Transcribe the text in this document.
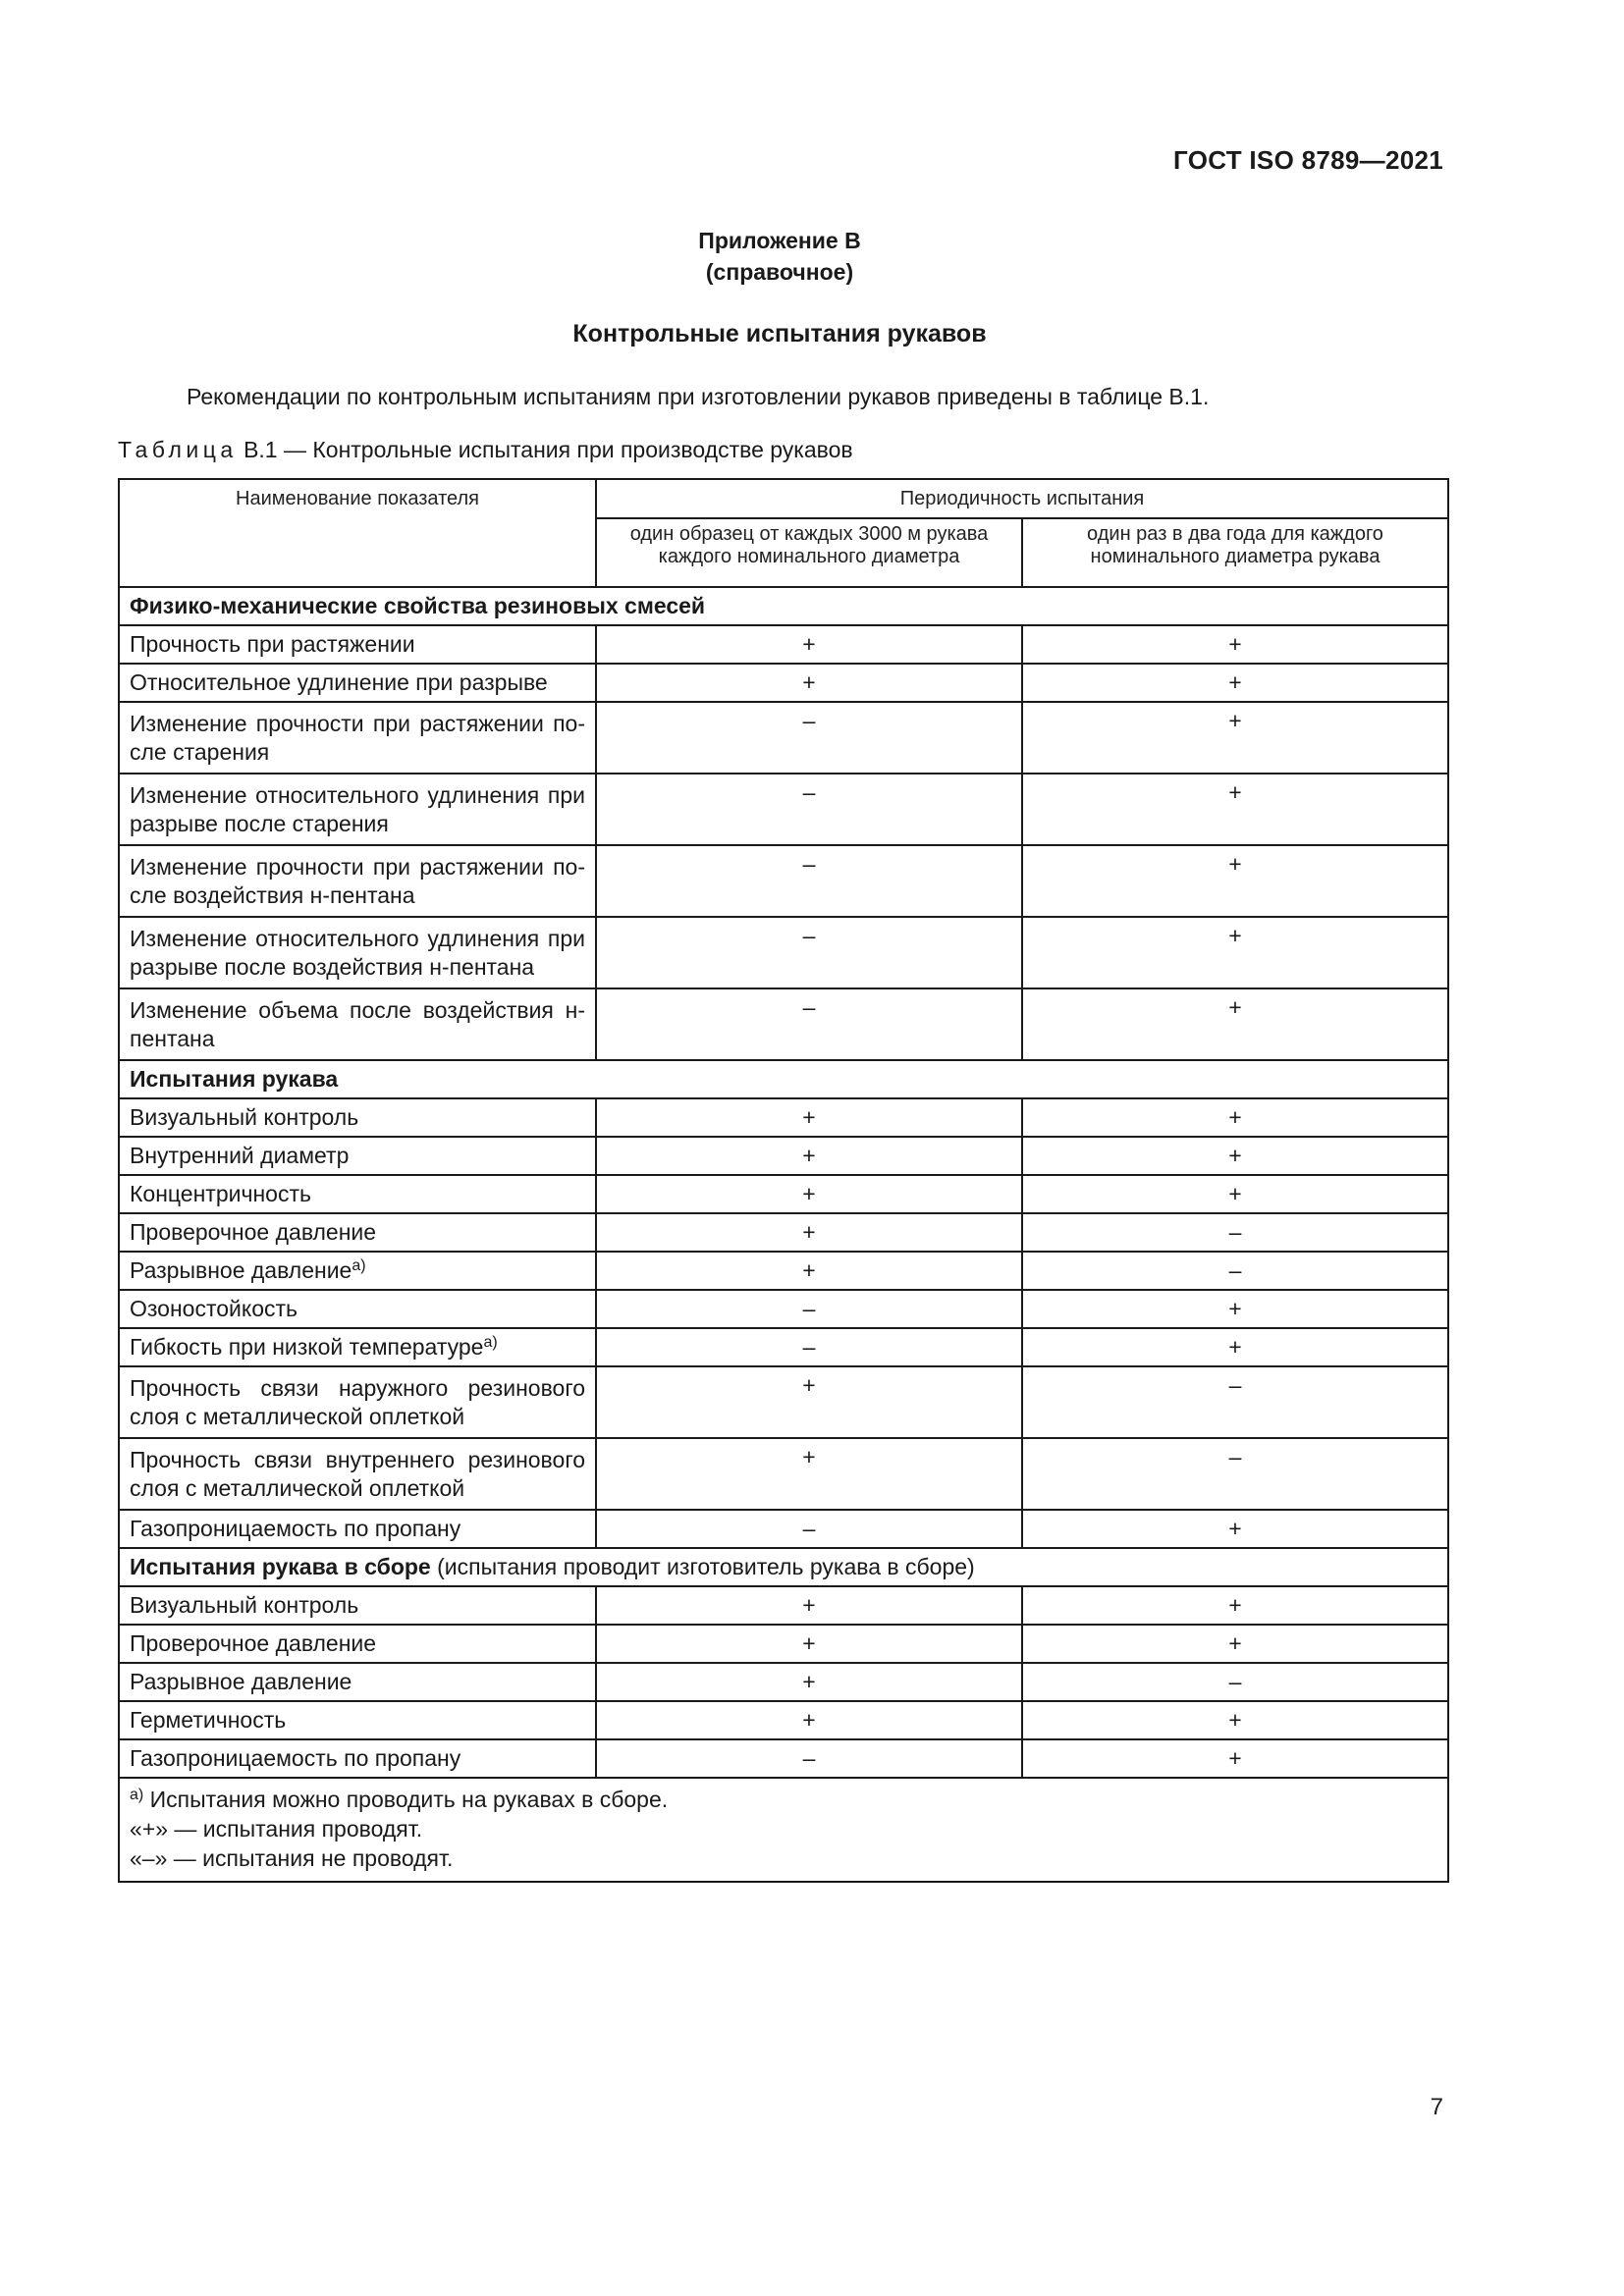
ГОСТ ISO 8789—2021
Приложение В
(справочное)
Контрольные испытания рукавов
Рекомендации по контрольным испытаниям при изготовлении рукавов приведены в таблице В.1.
Таблица В.1 — Контрольные испытания при производстве рукавов
Наименование показателя	Периодичность испытания	
	один образец от каждых 3000 м рукава каждого номинального диаметра	один раз в два года для каждого номинального диаметра рукава
Физико-механические свойства резиновых смесей		
Прочность при растяжении	+	+
Относительное удлинение при разрыве	+	+
Изменение прочности при растяжении по-сле старения	–	+
Изменение относительного удлинения при разрыве после старения	–	+
Изменение прочности при растяжении по-сле воздействия н-пентана	–	+
Изменение относительного удлинения при разрыве после воздействия н-пентана	–	+
Изменение объема после воздействия н-пентана	–	+
Испытания рукава		
Визуальный контроль	+	+
Внутренний диаметр	+	+
Концентричность	+	+
Проверочное давление	+	–
Разрывное давление$^{а)}$	+	–
Озоностойкость	–	+
Гибкость при низкой температуре$^{а)}$	–	+
Прочность связи наружного резинового слоя с металлической оплеткой	+	–
Прочность связи внутреннего резинового слоя с металлической оплеткой	+	–
Газопроницаемость по пропану	–	+
Испытания рукава в сборе (испытания проводит изготовитель рукава в сборе)		
Визуальный контроль	+	+
Проверочное давление	+	+
Разрывное давление	+	–
Герметичность	+	+
Газопроницаемость по пропану	–	+

$^{а)}$ Испытания можно проводить на рукавах в сборе.
«+» — испытания проводят.
«–» — испытания не проводят.		
7
